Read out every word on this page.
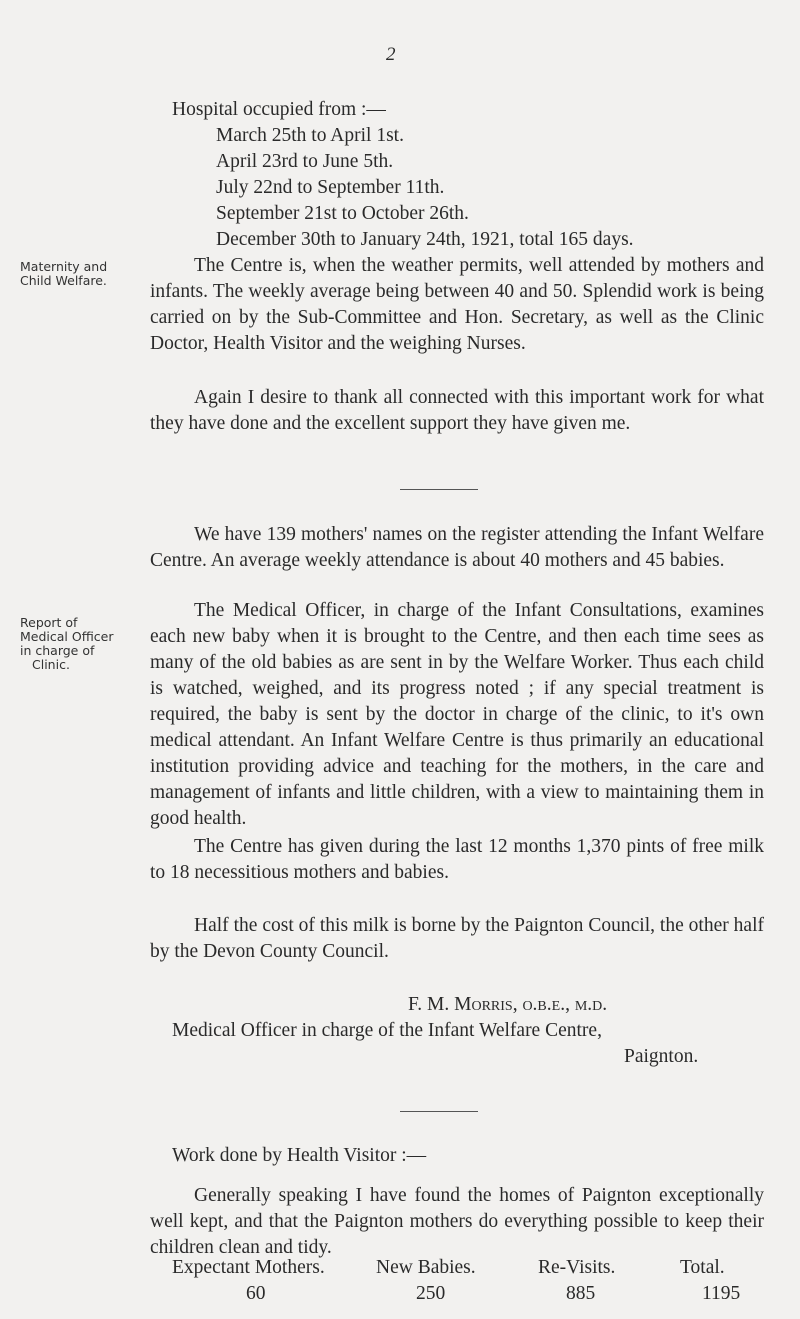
2
Hospital occupied from :—
March 25th to April 1st.
April 23rd to June 5th.
July 22nd to September 11th.
September 21st to October 26th.
December 30th to January 24th, 1921, total 165 days.
Maternity and
Child Welfare.
The Centre is, when the weather permits, well attended by mothers and infants. The weekly average being between 40 and 50. Splendid work is being carried on by the Sub-Committee and Hon. Secretary, as well as the Clinic Doctor, Health Visitor and the weighing Nurses.
Again I desire to thank all connected with this important work for what they have done and the excellent support they have given me.
We have 139 mothers' names on the register attending the Infant Welfare Centre. An average weekly attendance is about 40 mothers and 45 babies.
Report of
Medical Officer
in charge of
Clinic.
The Medical Officer, in charge of the Infant Consultations, examines each new baby when it is brought to the Centre, and then each time sees as many of the old babies as are sent in by the Welfare Worker. Thus each child is watched, weighed, and its progress noted ; if any special treatment is required, the baby is sent by the doctor in charge of the clinic, to it's own medical attendant. An Infant Welfare Centre is thus primarily an educational institution providing advice and teaching for the mothers, in the care and management of infants and little children, with a view to maintaining them in good health.
The Centre has given during the last 12 months 1,370 pints of free milk to 18 necessitious mothers and babies.
Half the cost of this milk is borne by the Paignton Council, the other half by the Devon County Council.
F. M. Morris, o.b.e., m.d.
Medical Officer in charge of the Infant Welfare Centre,
Paignton.
Work done by Health Visitor :—
Generally speaking I have found the homes of Paignton exceptionally well kept, and that the Paignton mothers do everything possible to keep their children clean and tidy.
Expectant Mothers.	New Babies.	Re-Visits.	Total.
60	250	885	1195
